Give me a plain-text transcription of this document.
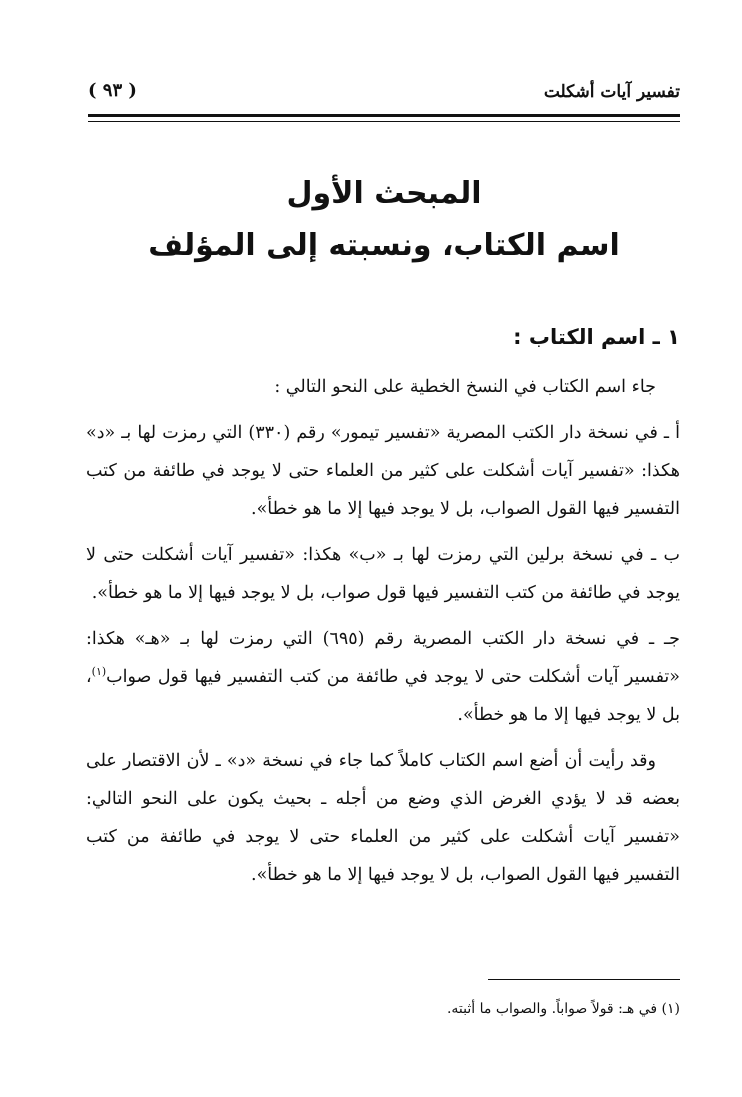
تفسير آيات أشكلت
( ٩٣ )
المبحث الأول
اسم الكتاب، ونسبته إلى المؤلف
١ ـ اسم الكتاب :

جاء اسم الكتاب في النسخ الخطية على النحو التالي :

أ ـ في نسخة دار الكتب المصرية «تفسير تيمور» رقم (٣٣٠) التي رمزت لها بـ «د» هكذا: «تفسير آيات أشكلت على كثير من العلماء حتى لا يوجد في طائفة من كتب التفسير فيها القول الصواب، بل لا يوجد فيها إلا ما هو خطأ».

ب ـ في نسخة برلين التي رمزت لها بـ «ب» هكذا: «تفسير آيات أشكلت حتى لا يوجد في طائفة من كتب التفسير فيها قول صواب، بل لا يوجد فيها إلا ما هو خطأ».

جـ ـ في نسخة دار الكتب المصرية رقم (٦٩٥) التي رمزت لها بـ «هـ» هكذا: «تفسير آيات أشكلت حتى لا يوجد في طائفة من كتب التفسير فيها قول صواب$^{(١)}$، بل لا يوجد فيها إلا ما هو خطأ».

وقد رأيت أن أضع اسم الكتاب كاملاً كما جاء في نسخة «د» ـ لأن الاقتصار على بعضه قد لا يؤدي الغرض الذي وضع من أجله ـ بحيث يكون على النحو التالي: «تفسير آيات أشكلت على كثير من العلماء حتى لا يوجد في طائفة من كتب التفسير فيها القول الصواب، بل لا يوجد فيها إلا ما هو خطأ».

(١) في هـ: قولاً صواباً. والصواب ما أثبته.
